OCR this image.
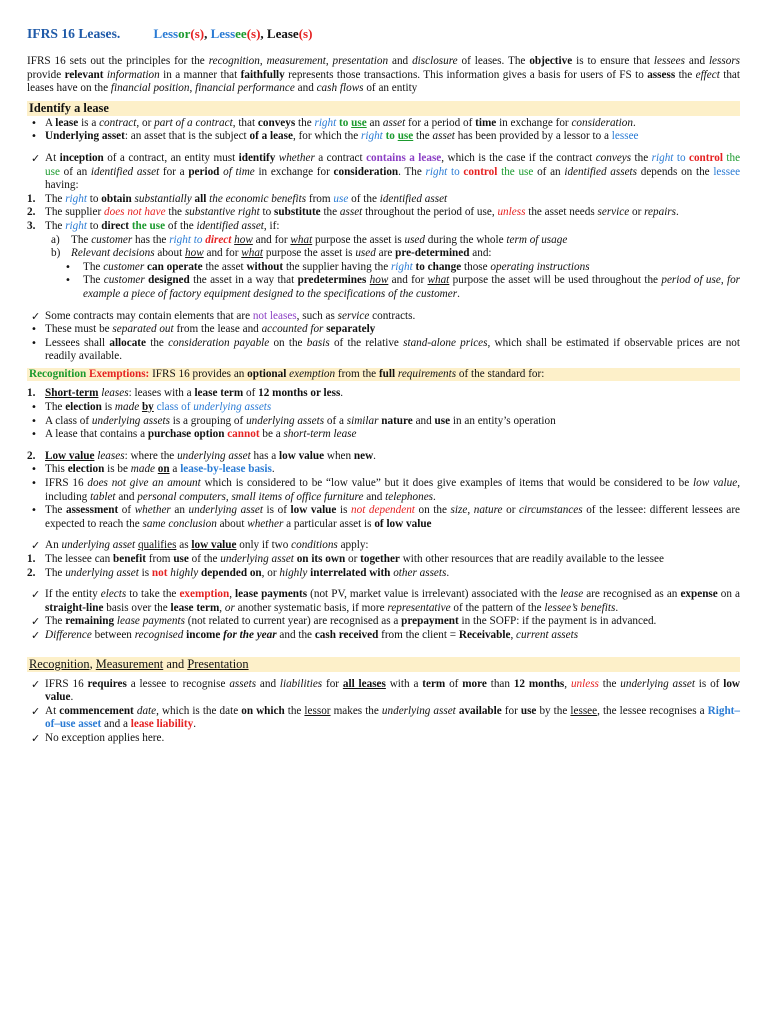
IFRS 16 Leases.	Lessor(s), Lessee(s), Lease(s)

IFRS 16 sets out the principles for the recognition, measurement, presentation and disclosure of leases. The objective is to ensure that lessees and lessors provide relevant information in a manner that faithfully represents those transactions. This information gives a basis for users of FS to assess the effect that leases have on the financial position, financial performance and cash flows of an entity

Identify a lease
• A lease is a contract, or part of a contract, that conveys the right to use an asset for a period of time in exchange for consideration.
• Underlying asset: an asset that is the subject of a lease, for which the right to use the asset has been provided by a lessor to a lessee
✓ At inception of a contract, an entity must identify whether a contract contains a lease, which is the case if the contract conveys the right to control the use of an identified asset for a period of time in exchange for consideration. The right to control the use of an identified assets depends on the lessee having:
1. The right to obtain substantially all the economic benefits from use of the identified asset
2. The supplier does not have the substantive right to substitute the asset throughout the period of use, unless the asset needs service or repairs.
3. The right to direct the use of the identified asset, if:
a) The customer has the right to direct how and for what purpose the asset is used during the whole term of usage
b) Relevant decisions about how and for what purpose the asset is used are pre-determined and:
• The customer can operate the asset without the supplier having the right to change those operating instructions
• The customer designed the asset in a way that predetermines how and for what purpose the asset will be used throughout the period of use, for example a piece of factory equipment designed to the specifications of the customer.
✓ Some contracts may contain elements that are not leases, such as service contracts.
• These must be separated out from the lease and accounted for separately
• Lessees shall allocate the consideration payable on the basis of the relative stand-alone prices, which shall be estimated if observable prices are not readily available.
Recognition Exemptions: IFRS 16 provides an optional exemption from the full requirements of the standard for:
1. Short-term leases: leases with a lease term of 12 months or less.
• The election is made by class of underlying assets
• A class of underlying assets is a grouping of underlying assets of a similar nature and use in an entity’s operation
• A lease that contains a purchase option cannot be a short-term lease
2. Low value leases: where the underlying asset has a low value when new.
• This election is be made on a lease-by-lease basis.
• IFRS 16 does not give an amount which is considered to be “low value” but it does give examples of items that would be considered to be low value, including tablet and personal computers, small items of office furniture and telephones.
• The assessment of whether an underlying asset is of low value is not dependent on the size, nature or circumstances of the lessee: different lessees are expected to reach the same conclusion about whether a particular asset is of low value
✓ An underlying asset qualifies as low value only if two conditions apply:
1. The lessee can benefit from use of the underlying asset on its own or together with other resources that are readily available to the lessee
2. The underlying asset is not highly depended on, or highly interrelated with other assets.
✓ If the entity elects to take the exemption, lease payments (not PV, market value is irrelevant) associated with the lease are recognised as an expense on a straight-line basis over the lease term, or another systematic basis, if more representative of the pattern of the lessee’s benefits.
✓ The remaining lease payments (not related to current year) are recognised as a prepayment in the SOFP: if the payment is in advanced.
✓ Difference between recognised income for the year and the cash received from the client = Receivable, current assets
Recognition, Measurement and Presentation
✓ IFRS 16 requires a lessee to recognise assets and liabilities for all leases with a term of more than 12 months, unless the underlying asset is of low value.
✓ At commencement date, which is the date on which the lessor makes the underlying asset available for use by the lessee, the lessee recognises a Right–of–use asset and a lease liability.
✓ No exception applies here.
